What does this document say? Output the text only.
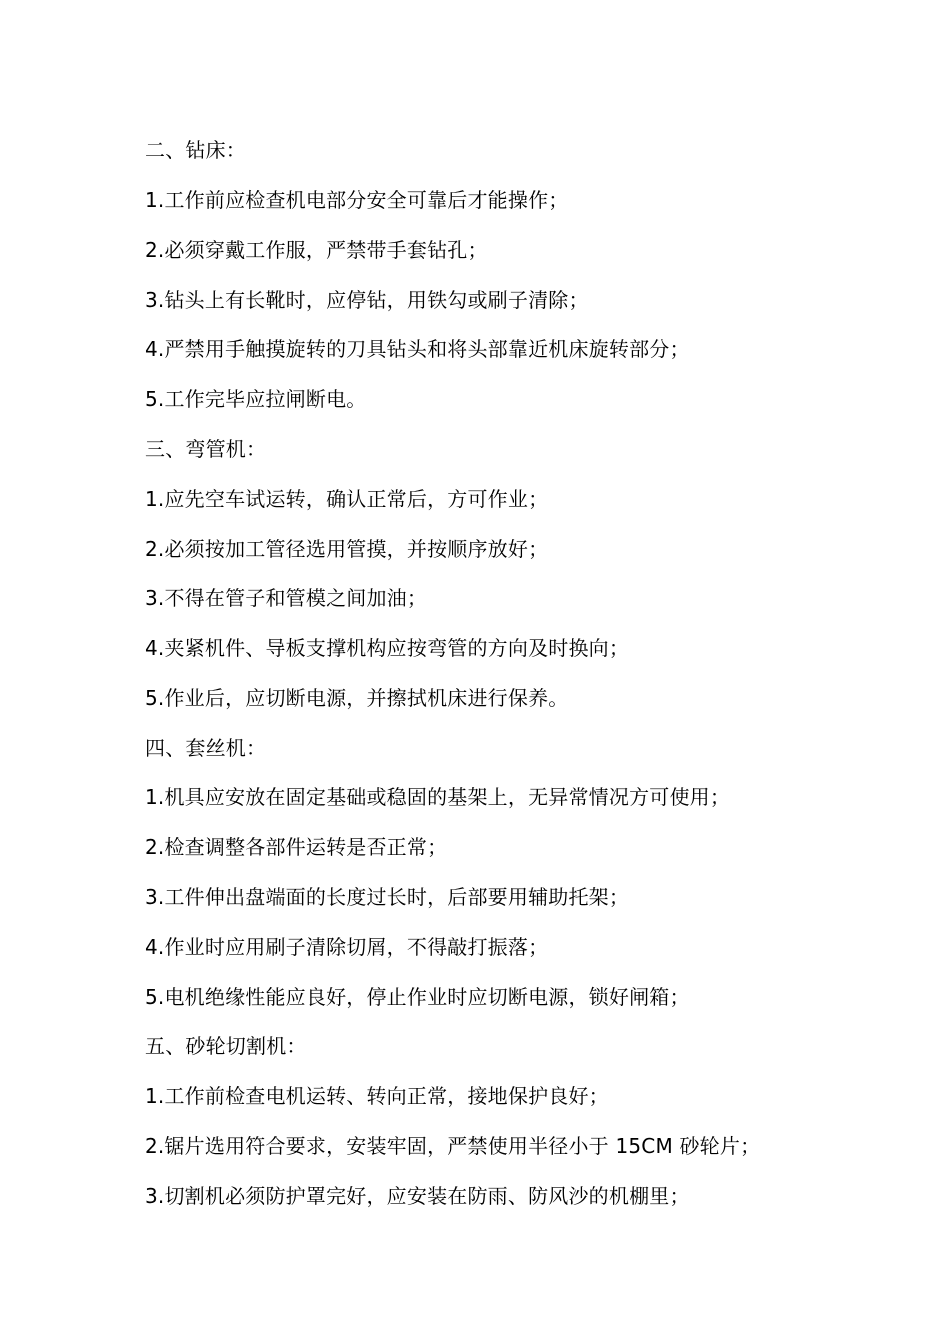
二、钻床：
1.工作前应检查机电部分安全可靠后才能操作；
2.必须穿戴工作服，严禁带手套钻孔；
3.钻头上有长靴时，应停钻，用铁勾或刷子清除；
4.严禁用手触摸旋转的刀具钻头和将头部靠近机床旋转部分；
5.工作完毕应拉闸断电。
三、弯管机：
1.应先空车试运转，确认正常后，方可作业；
2.必须按加工管径选用管摸，并按顺序放好；
3.不得在管子和管模之间加油；
4.夹紧机件、导板支撑机构应按弯管的方向及时换向；
5.作业后，应切断电源，并擦拭机床进行保养。
四、套丝机：
1.机具应安放在固定基础或稳固的基架上，无异常情况方可使用；
2.检查调整各部件运转是否正常；
3.工件伸出盘端面的长度过长时，后部要用辅助托架；
4.作业时应用刷子清除切屑，不得敲打振落；
5.电机绝缘性能应良好，停止作业时应切断电源，锁好闸箱；
五、砂轮切割机：
1.工作前检查电机运转、转向正常，接地保护良好；
2.锯片选用符合要求，安装牢固，严禁使用半径小于 15CM 砂轮片；
3.切割机必须防护罩完好，应安装在防雨、防风沙的机棚里；
